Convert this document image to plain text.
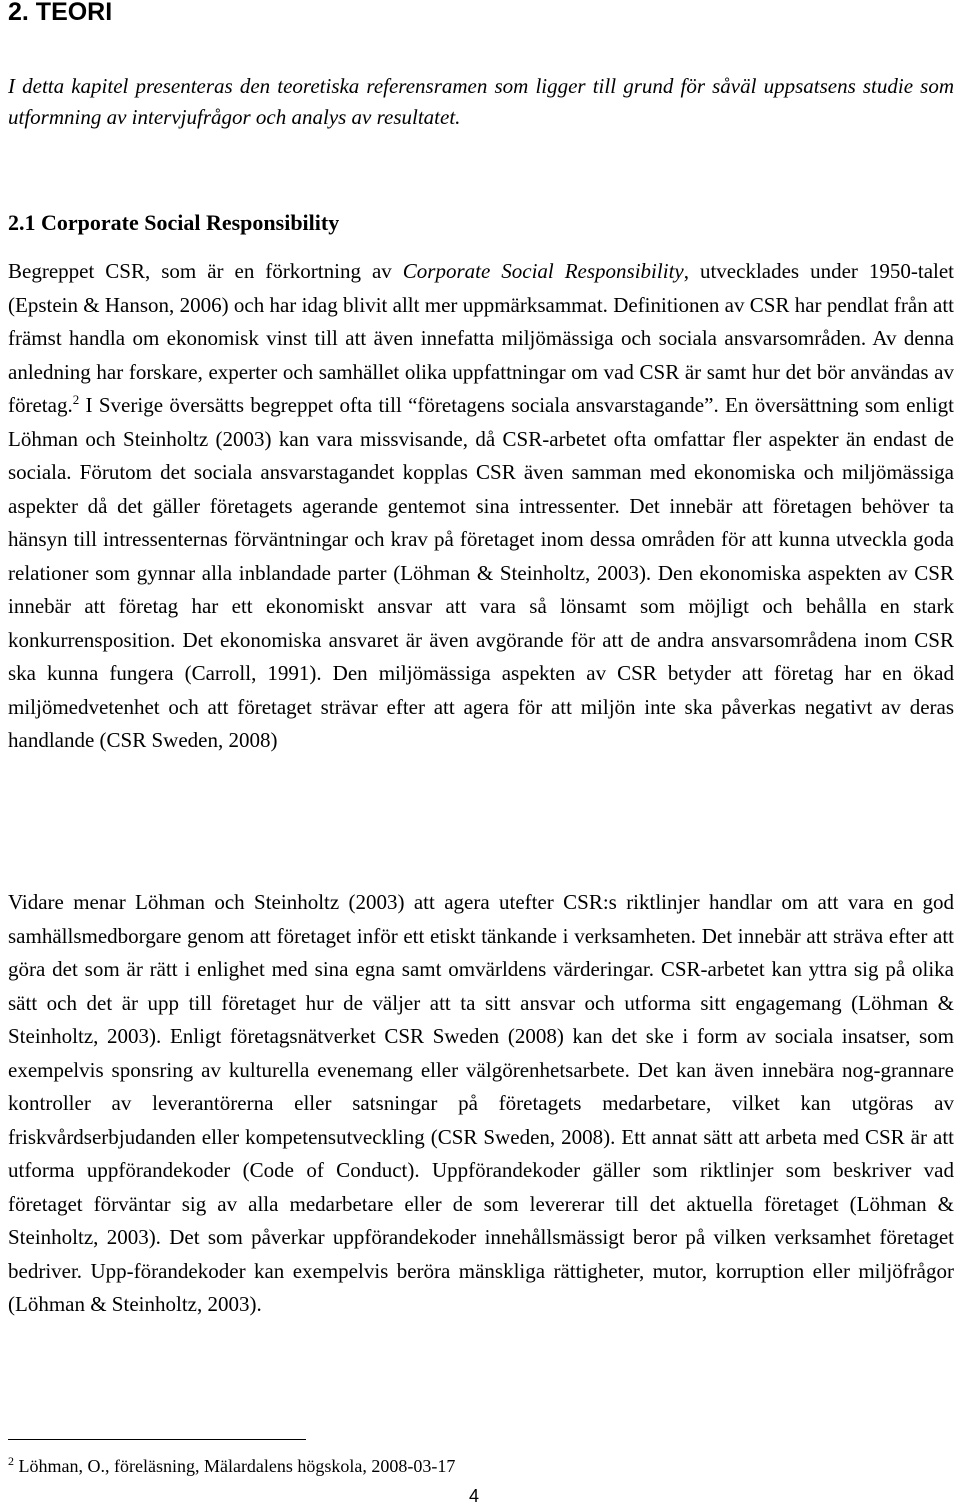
2. TEORI

I detta kapitel presenteras den teoretiska referensramen som ligger till grund för såväl uppsatsens studie som utformning av intervjufrågor och analys av resultatet.

2.1 Corporate Social Responsibility

Begreppet CSR, som är en förkortning av Corporate Social Responsibility, utvecklades under 1950-talet (Epstein & Hanson, 2006) och har idag blivit allt mer uppmärksammat. Definitionen av CSR har pendlat från att främst handla om ekonomisk vinst till att även innefatta miljömässiga och sociala ansvarsområden. Av denna anledning har forskare, experter och samhället olika uppfattningar om vad CSR är samt hur det bör användas av företag.$^2$ I Sverige översätts begreppet ofta till “företagens sociala ansvarstagande”. En översättning som enligt Löhman och Steinholtz (2003) kan vara missvisande, då CSR-arbetet ofta omfattar fler aspekter än endast de sociala. Förutom det sociala ansvarstagandet kopplas CSR även samman med ekonomiska och miljömässiga aspekter då det gäller företagets agerande gentemot sina intressenter. Det innebär att företagen behöver ta hänsyn till intressenternas förväntningar och krav på företaget inom dessa områden för att kunna utveckla goda relationer som gynnar alla inblandade parter (Löhman & Steinholtz, 2003). Den ekonomiska aspekten av CSR innebär att företag har ett ekonomiskt ansvar att vara så lönsamt som möjligt och behålla en stark konkurrensposition. Det ekonomiska ansvaret är även avgörande för att de andra ansvarsområdena inom CSR ska kunna fungera (Carroll, 1991). Den miljömässiga aspekten av CSR betyder att företag har en ökad miljömedvetenhet och att företaget strävar efter att agera för att miljön inte ska påverkas negativt av deras handlande (CSR Sweden, 2008)

Vidare menar Löhman och Steinholtz (2003) att agera utefter CSR:s riktlinjer handlar om att vara en god samhällsmedborgare genom att företaget inför ett etiskt tänkande i verksamheten. Det innebär att sträva efter att göra det som är rätt i enlighet med sina egna samt omvärldens värderingar. CSR-arbetet kan yttra sig på olika sätt och det är upp till företaget hur de väljer att ta sitt ansvar och utforma sitt engagemang (Löhman & Steinholtz, 2003). Enligt företagsnätverket CSR Sweden (2008) kan det ske i form av sociala insatser, som exempelvis sponsring av kulturella evenemang eller välgörenhetsarbete. Det kan även innebära nog-grannare kontroller av leverantörerna eller satsningar på företagets medarbetare, vilket kan utgöras av friskvårdserbjudanden eller kompetensutveckling (CSR Sweden, 2008). Ett annat sätt att arbeta med CSR är att utforma uppförandekoder (Code of Conduct). Uppförandekoder gäller som riktlinjer som beskriver vad företaget förväntar sig av alla medarbetare eller de som levererar till det aktuella företaget (Löhman & Steinholtz, 2003). Det som påverkar uppförandekoder innehållsmässigt beror på vilken verksamhet företaget bedriver. Upp-förandekoder kan exempelvis beröra mänskliga rättigheter, mutor, korruption eller miljöfrågor (Löhman & Steinholtz, 2003).

$^2$ Löhman, O., föreläsning, Mälardalens högskola, 2008-03-17

4
